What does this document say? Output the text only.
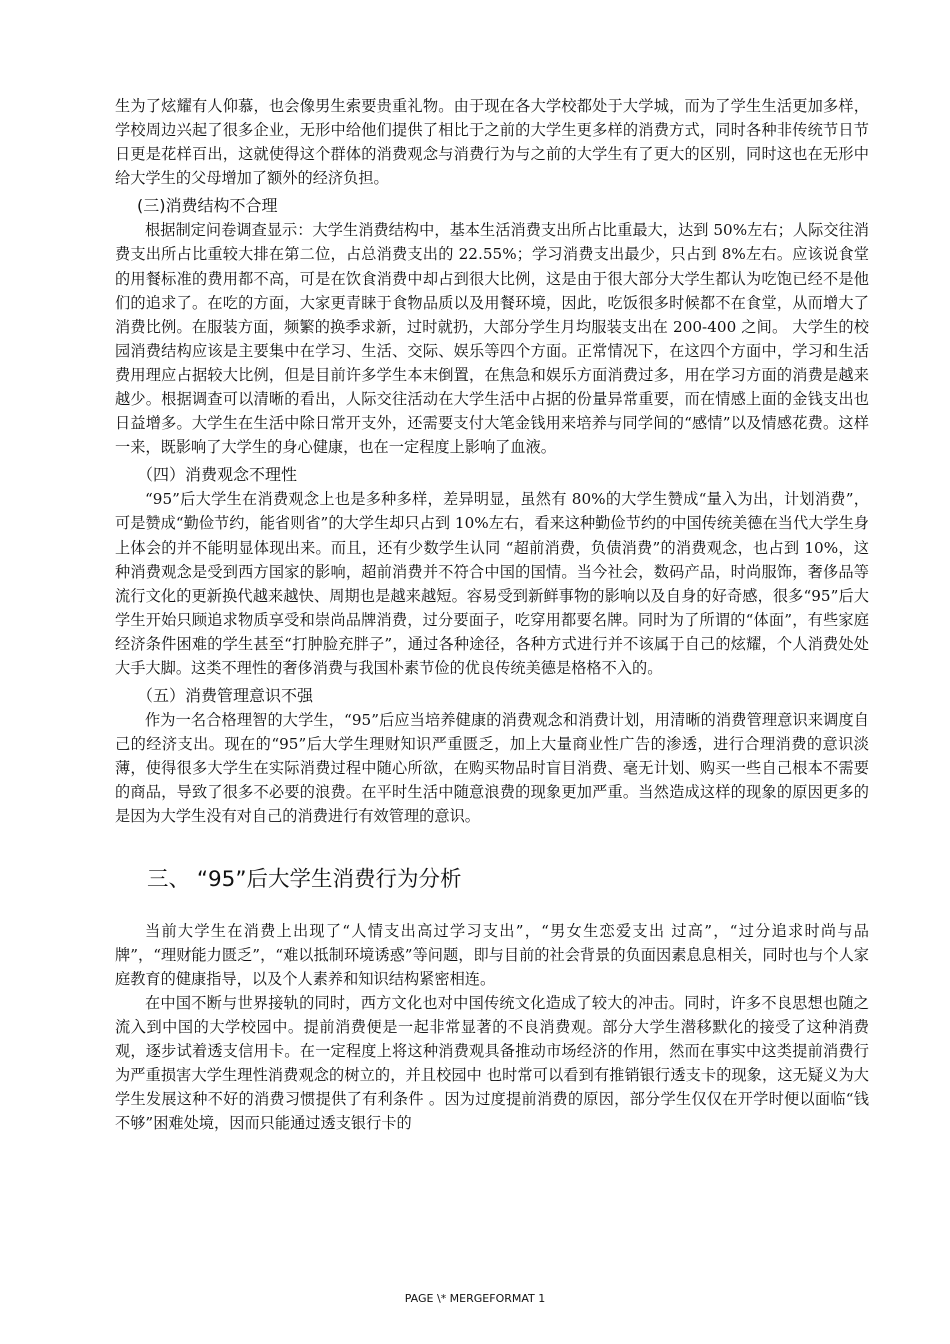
生为了炫耀有人仰慕，也会像男生索要贵重礼物。由于现在各大学校都处于大学城，而为了学生生活更加多样，学校周边兴起了很多企业，无形中给他们提供了相比于之前的大学生更多样的消费方式，同时各种非传统节日节日更是花样百出，这就使得这个群体的消费观念与消费行为与之前的大学生有了更大的区别，同时这也在无形中给大学生的父母增加了额外的经济负担。

(三)消费结构不合理

根据制定问卷调查显示：大学生消费结构中，基本生活消费支出所占比重最大，达到 50%左右；人际交往消费支出所占比重较大排在第二位，占总消费支出的 22.55%；学习消费支出最少，只占到 8%左右。应该说食堂的用餐标准的费用都不高，可是在饮食消费中却占到很大比例，这是由于很大部分大学生都认为吃饱已经不是他们的追求了。在吃的方面，大家更青睐于食物品质以及用餐环境，因此，吃饭很多时候都不在食堂，从而增大了消费比例。在服装方面，频繁的换季求新，过时就扔，大部分学生月均服装支出在 200-400 之间。 大学生的校园消费结构应该是主要集中在学习、生活、交际、娱乐等四个方面。正常情况下，在这四个方面中，学习和生活费用理应占据较大比例，但是目前许多学生本末倒置，在焦急和娱乐方面消费过多，用在学习方面的消费是越来越少。根据调查可以清晰的看出，人际交往活动在大学生活中占据的份量异常重要，而在情感上面的金钱支出也日益增多。大学生在生活中除日常开支外，还需要支付大笔金钱用来培养与同学间的“感情”以及情感花费。这样一来，既影响了大学生的身心健康，也在一定程度上影响了血液。

（四）消费观念不理性

“95”后大学生在消费观念上也是多种多样，差异明显，虽然有 80%的大学生赞成“量入为出，计划消费”，可是赞成“勤俭节约，能省则省”的大学生却只占到 10%左右，看来这种勤俭节约的中国传统美德在当代大学生身上体会的并不能明显体现出来。而且，还有少数学生认同 “超前消费，负债消费”的消费观念，也占到 10%，这种消费观念是受到西方国家的影响，超前消费并不符合中国的国情。当今社会，数码产品，时尚服饰，奢侈品等流行文化的更新换代越来越快、周期也是越来越短。容易受到新鲜事物的影响以及自身的好奇感，很多“95”后大学生开始只顾追求物质享受和崇尚品牌消费，过分要面子，吃穿用都要名牌。同时为了所谓的“体面”，有些家庭经济条件困难的学生甚至“打肿脸充胖子”，通过各种途径，各种方式进行并不该属于自己的炫耀，个人消费处处大手大脚。这类不理性的奢侈消费与我国朴素节俭的优良传统美德是格格不入的。

（五）消费管理意识不强

作为一名合格理智的大学生，“95”后应当培养健康的消费观念和消费计划，用清晰的消费管理意识来调度自己的经济支出。现在的“95”后大学生理财知识严重匮乏，加上大量商业性广告的渗透，进行合理消费的意识淡薄，使得很多大学生在实际消费过程中随心所欲，在购买物品时盲目消费、毫无计划、购买一些自己根本不需要的商品，导致了很多不必要的浪费。在平时生活中随意浪费的现象更加严重。当然造成这样的现象的原因更多的是因为大学生没有对自己的消费进行有效管理的意识。

三、 “95”后大学生消费行为分析

当前大学生在消费上出现了“人情支出高过学习支出”，“男女生恋爱支出 过高”，“过分追求时尚与品牌”，“理财能力匮乏”，“难以抵制环境诱惑”等问题，即与目前的社会背景的负面因素息息相关，同时也与个人家庭教育的健康指导，以及个人素养和知识结构紧密相连。

在中国不断与世界接轨的同时，西方文化也对中国传统文化造成了较大的冲击。同时，许多不良思想也随之流入到中国的大学校园中。提前消费便是一起非常显著的不良消费观。部分大学生潜移默化的接受了这种消费观，逐步试着透支信用卡。在一定程度上将这种消费观具备推动市场经济的作用，然而在事实中这类提前消费行为严重损害大学生理性消费观念的树立的，并且校园中 也时常可以看到有推销银行透支卡的现象，这无疑义为大学生发展这种不好的消费习惯提供了有利条件 。因为过度提前消费的原因，部分学生仅仅在开学时便以面临“钱不够”困难处境，因而只能通过透支银行卡的

PAGE \* MERGEFORMAT 1
